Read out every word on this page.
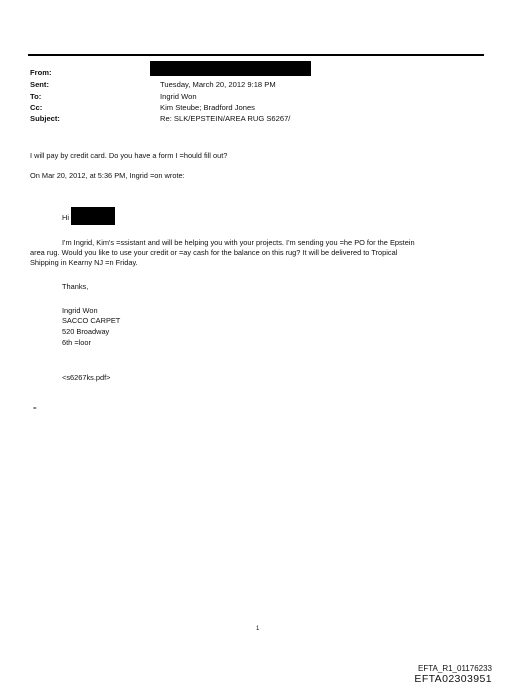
From:
Sent:
To:
Cc:
Subject:
Tuesday, March 20, 2012 9:18 PM
Ingrid Won
Kim Steube; Bradford Jones
Re: SLK/EPSTEIN/AREA RUG S6267/
I will pay by credit card. Do you have a form I =hould fill out?
On Mar 20, 2012, at 5:36 PM, Ingrid =on wrote:
Hi
I'm Ingrid, Kim's =ssistant and will be helping you with your projects. I'm sending you =he PO for the Epstein
area rug. Would you like to use your credit or =ay cash for the balance on this rug? It will be delivered to Tropical
Shipping in Kearny NJ =n Friday.
Thanks,
Ingrid Won
SACCO CARPET
520 Broadway
6th =loor
<s6267ks.pdf>
=
1
EFTA_R1_01176233
EFTA02303951
